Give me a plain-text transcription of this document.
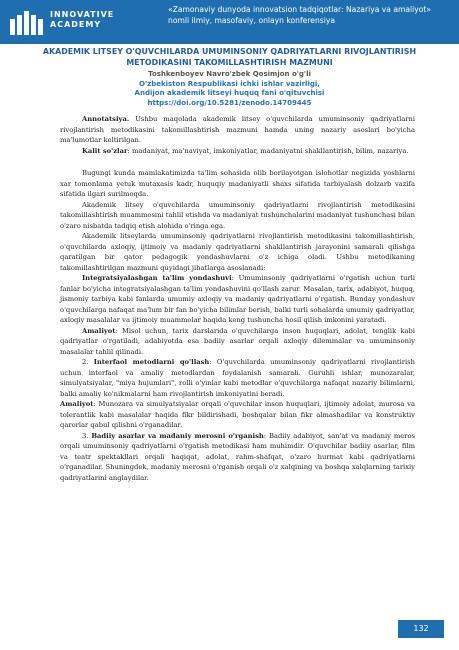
INNOVATIVE
ACADEMY
«Zamonaviy dunyoda innovatsion tadqiqotlar: Nazariya va amaliyot» nomli ilmiy, masofaviy, onlayn konferensiya
AKADEMIK LITSEY O'QUVCHILARDA UMUMINSONIY QADRIYATLARNI RIVOJLANTIRISH METODIKASINI TAKOMILLASHTIRISH MAZMUNI
Toshkenboyev Navro'zbek Qosimjon o'g'li
O'zbekiston Respublikasi ichki ishlar vazirligi,
Andijon akademik litseyi huquq fani o'qituvchisi
https://doi.org/10.5281/zenodo.14709445

Annotatsiya. Ushbu maqolada akademik litsey o'quvchilarda umuminsoniy qadriyatlarni rivojlantirish metodikasini takomillashtirish mazmuni hamda uning nazariy asoslari bo'yicha ma'lumotlar keltirilgan.

Kalit so'zlar: madaniyat, ma'naviyat, imkoniyatlar, madaniyatni shakllantirish, bilim, nazariya.

Bugungi kunda mamlakatimizda ta'lim sohasida olib borilayotgan islohotlar negizida yoshlarni xar tomonlama yetuk mutaxasis kadr, huquqiy madaniyatli shaxs sifatida tarbiyalash dolzarb vazifa sifatida ilgari surilmoqda.

Akademik litsey o'quvchilarda umuminsoniy qadriyatlarni rivojlantirish metodikasini takomillashtirish muammosini tahlil etishda va madaniyat tushunchalarini madaniyat tushunchasi bilan o'zaro nisbatda tadqiq etish alohida o'ringa ega.

Akademik litseylarda umuminsoniy qadriyatlarni rivojlantirish metodikasini takomillashtirish, o'quvchilarda axloqiy, ijtimoiy va madaniy qadriyatlarni shakllantirish jarayonini samarali qilishga qaratilgan bir qator pedagogik yondashuvlarni o'z ichiga oladi. Ushbu metodikaning takomillashtirilgan mazmuni quyidagi jihatlarga asoslanadi:

Integratsiyalashgan ta'lim yondashuvi: Umuminsoniy qadriyatlarni o'rgatish uchun turli fanlar bo'yicha integratsiyalashgan ta'lim yondashuvini qo'llash zarur. Masalan, tarix, adabiyot, huquq, jismoniy tarbiya kabi fanlarda umumiy axloqiy va madaniy qadriyatlarni o'rgatish. Bunday yondashuv o'quvchilarga nafaqat ma'lum bir fan bo'yicha bilimlar berish, balki turli sohalarda umumiy qadriyatlar, axloqiy masalalar va ijtimoiy muammolar haqida keng tushuncha hosil qilish imkonini yaratadi.

Amaliyot: Misol uchun, tarix darslarida o'quvchilarga inson huquqlari, adolat, tenglik kabi qadriyatlar o'rgatiladi, adabiyotda esa badiiy asarlar orqali axloqiy dilemmalar va umuminsoniy masalalar tahlil qilinadi.

2. Interfaol metodlarni qo'llash: O'quvchilarda umuminsoniy qadriyatlarni rivojlantirish uchun interfaol va amaliy metodlardan foydalanish samarali. Guruhli ishlar, munozaralar, simulyatsiyalar, "miya hujumlari", rolli o'yinlar kabi metodlar o'quvchilarga nafaqat nazariy bilimlarni, balki amaliy ko'nikmalarni ham rivojlantirish imkoniyatini beradi.

Amaliyot: Munozara va simulyatsiyalar orqali o'quvchilar inson huquqlari, ijtimoiy adolat, murosa va tolerantlik kabi masalalar haqida fikr bildirishadi, boshqalar bilan fikr almashadilar va konstruktiv qarorlar qabul qilishni o'rganadilar.

3. Badiiy asarlar va madaniy merosni o'rganish: Badiiy adabiyot, san'at va madaniy meros orqali umuminsoniy qadriyatlarni o'rgatish metodikasi ham muhimdir. O'quvchilar badiiy asarlar, film va teatr spektakllari orqali haqiqat, adolat, rahm-shafqat, o'zaro hurmat kabi qadriyatlarni o'rganadilar. Shuningdek, madaniy merosni o'rganish orqali o'z xalqining va boshqa xalqlarning tarixiy qadriyatlarini anglaydilar.

132
